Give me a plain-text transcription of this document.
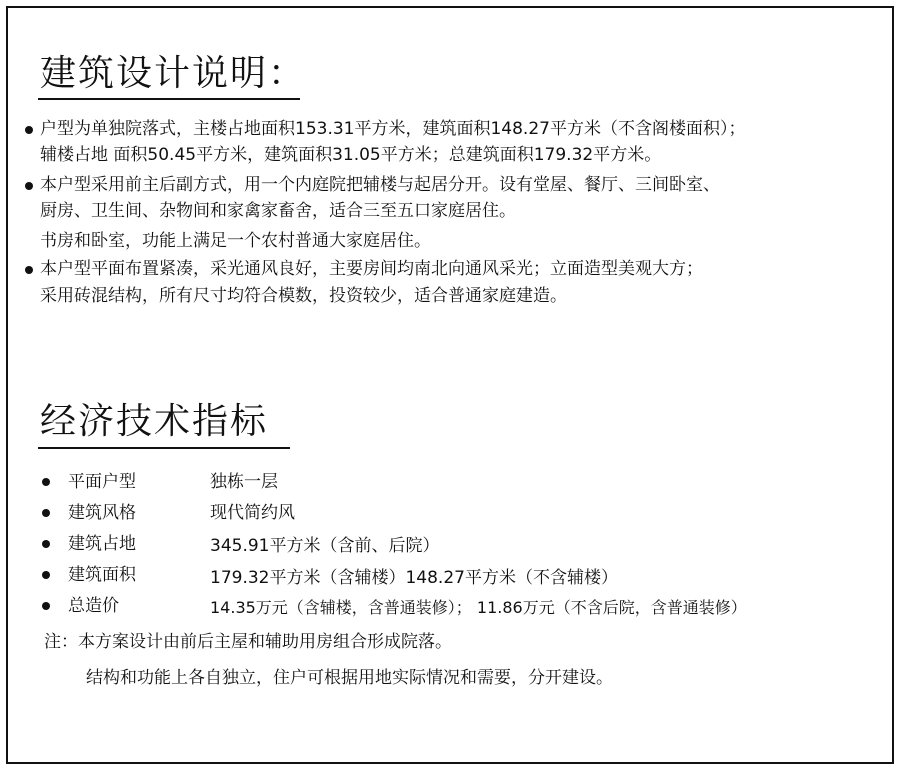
建筑设计说明：
户型为单独院落式，主楼占地面积153.31平方米，建筑面积148.27平方米（不含阁楼面积）；
辅楼占地 面积50.45平方米，建筑面积31.05平方米；总建筑面积179.32平方米。
本户型采用前主后副方式，用一个内庭院把辅楼与起居分开。设有堂屋、餐厅、三间卧室、
厨房、卫生间、杂物间和家禽家畜舍，适合三至五口家庭居住。
书房和卧室，功能上满足一个农村普通大家庭居住。
本户型平面布置紧凑，采光通风良好，主要房间均南北向通风采光；立面造型美观大方；
采用砖混结构，所有尺寸均符合模数，投资较少，适合普通家庭建造。
经济技术指标
平面户型	独栋一层
建筑风格	现代简约风
建筑占地	345.91平方米（含前、后院）
建筑面积	179.32平方米（含辅楼）148.27平方米（不含辅楼）
总造价	14.35万元（含辅楼，含普通装修）； 11.86万元（不含后院，含普通装修）
注：本方案设计由前后主屋和辅助用房组合形成院落。
结构和功能上各自独立，住户可根据用地实际情况和需要，分开建设。
